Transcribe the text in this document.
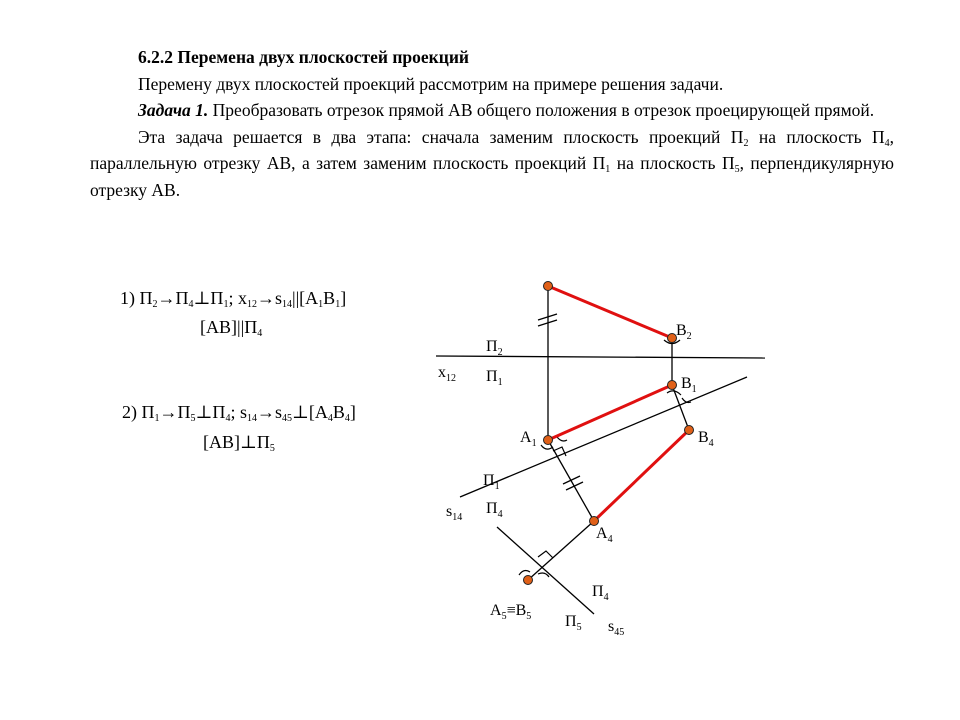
6.2.2 Перемена двух плоскостей проекций

Перемену двух плоскостей проекций рассмотрим на примере решения задачи.

Задача 1. Преобразовать отрезок прямой AB общего положения в отрезок проецирующей прямой.

Эта задача решается в два этапа: сначала заменим плоскость проекций $П_2$ на плоскость $П_4$, параллельную отрезку AB, а затем заменим плоскость проекций $П_1$ на плоскость $П_5$, перпендикулярную отрезку AB.

1) $П_2\to П_4\perp П_1$; $x_{12}\to s_{14}||[A_1B_1]$
$[AB]||П_4$
2) $П_1\to П_5\perp П_4$; $s_{14}\to s_{45}\perp[A_4B_4]$
$[AB]\perp П_5$
$B_2$
$П_2$
$x_{12}$ $П_1$	$B_1$
$A_1$	$B_4$
$П_1$
$s_{14}$
$П_4$
$A_4$
$П_4$
$A_5\equiv B_5$ $П_5$ $s_{45}$
